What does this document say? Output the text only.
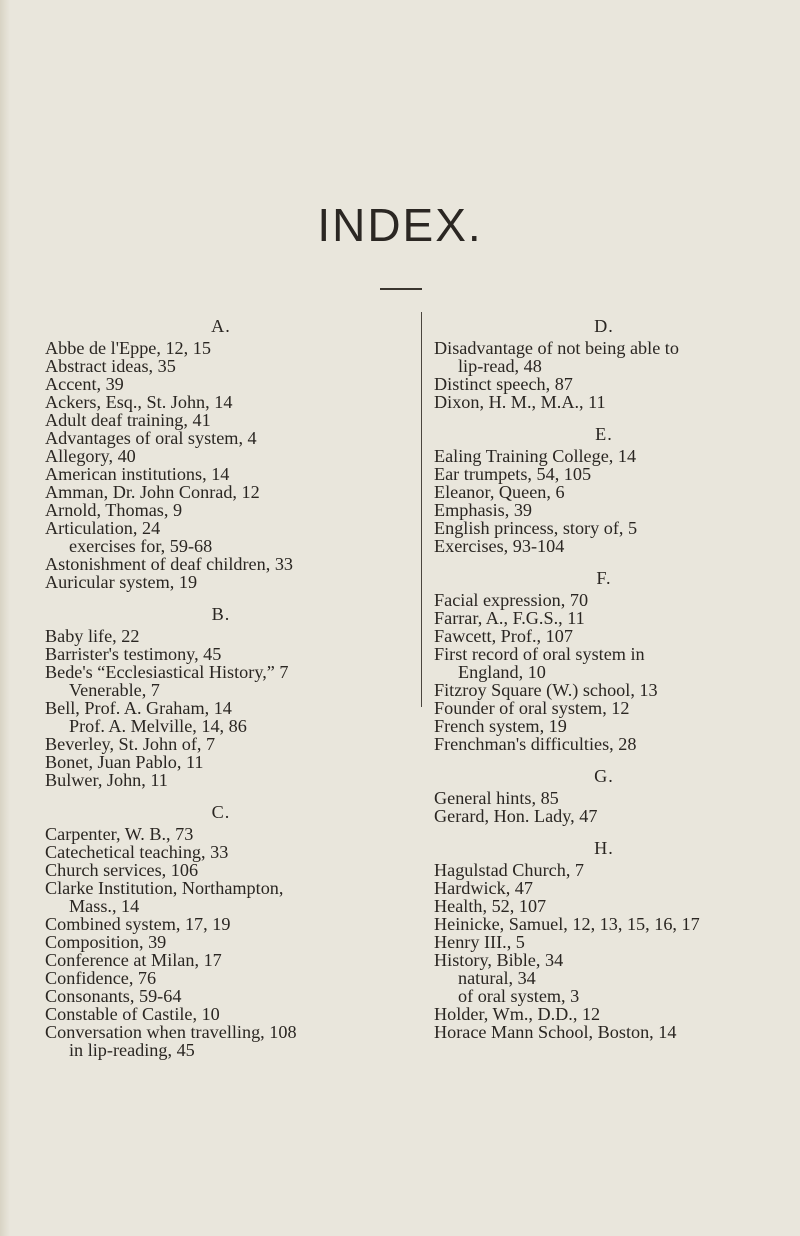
INDEX.
A.
Abbe de l'Eppe, 12, 15
Abstract ideas, 35
Accent, 39
Ackers, Esq., St. John, 14
Adult deaf training, 41
Advantages of oral system, 4
Allegory, 40
American institutions, 14
Amman, Dr. John Conrad, 12
Arnold, Thomas, 9
Articulation, 24
exercises for, 59-68
Astonishment of deaf children, 33
Auricular system, 19
B.
Baby life, 22
Barrister's testimony, 45
Bede's “Ecclesiastical History,” 7
Venerable, 7
Bell, Prof. A. Graham, 14
Prof. A. Melville, 14, 86
Beverley, St. John of, 7
Bonet, Juan Pablo, 11
Bulwer, John, 11
C.
Carpenter, W. B., 73
Catechetical teaching, 33
Church services, 106
Clarke Institution, Northampton,
Mass., 14
Combined system, 17, 19
Composition, 39
Conference at Milan, 17
Confidence, 76
Consonants, 59-64
Constable of Castile, 10
Conversation when travelling, 108
in lip-reading, 45
D.
Disadvantage of not being able to
lip-read, 48
Distinct speech, 87
Dixon, H. M., M.A., 11
E.
Ealing Training College, 14
Ear trumpets, 54, 105
Eleanor, Queen, 6
Emphasis, 39
English princess, story of, 5
Exercises, 93-104
F.
Facial expression, 70
Farrar, A., F.G.S., 11
Fawcett, Prof., 107
First record of oral system in
England, 10
Fitzroy Square (W.) school, 13
Founder of oral system, 12
French system, 19
Frenchman's difficulties, 28
G.
General hints, 85
Gerard, Hon. Lady, 47
H.
Hagulstad Church, 7
Hardwick, 47
Health, 52, 107
Heinicke, Samuel, 12, 13, 15, 16, 17
Henry III., 5
History, Bible, 34
natural, 34
of oral system, 3
Holder, Wm., D.D., 12
Horace Mann School, Boston, 14
